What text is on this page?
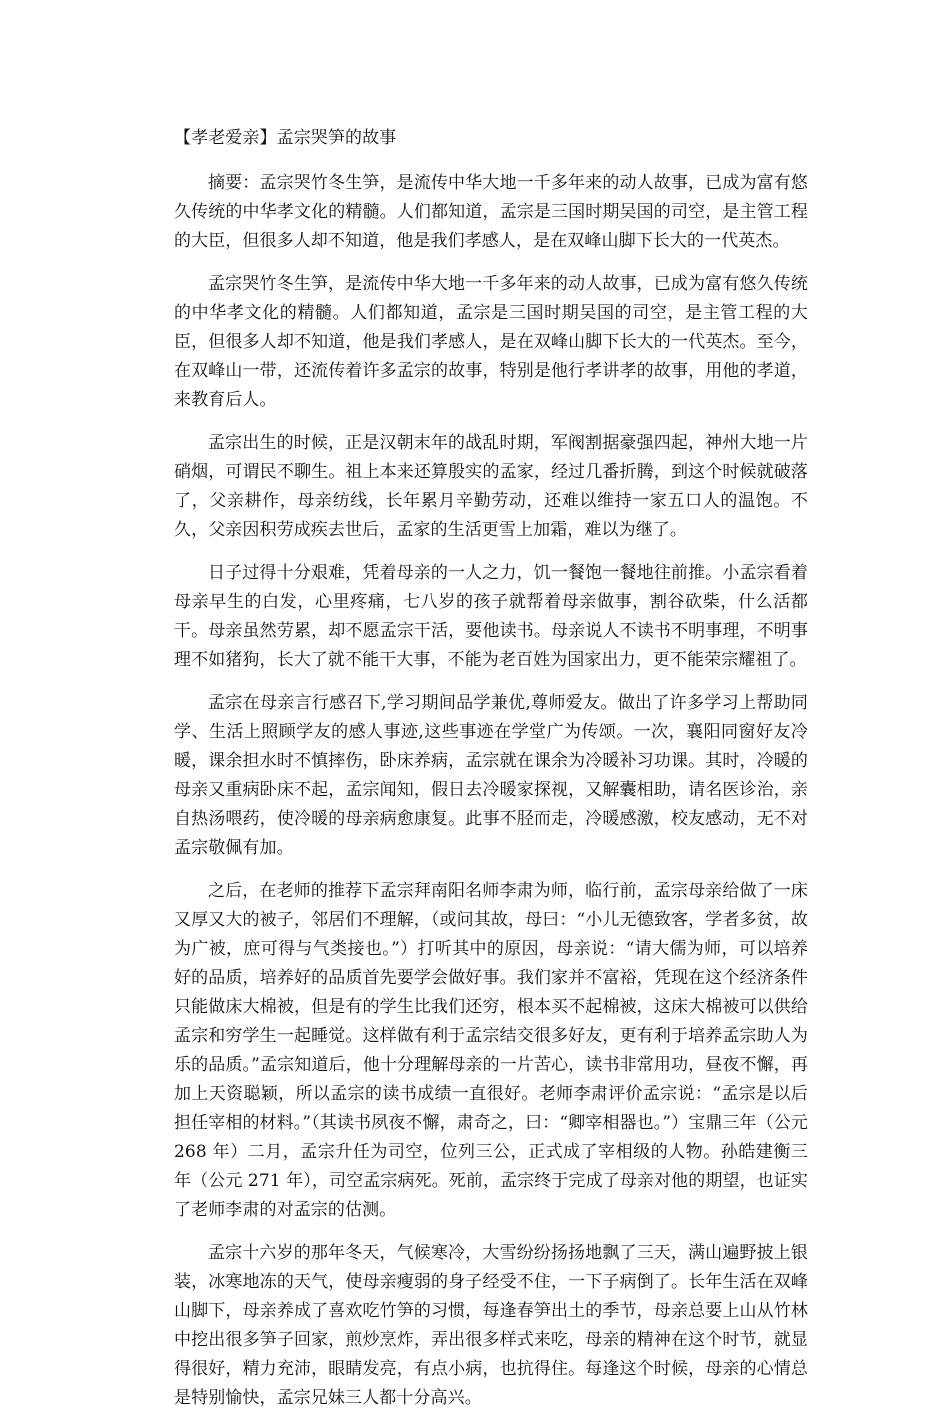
【孝老爱亲】孟宗哭笋的故事

摘要：孟宗哭竹冬生笋，是流传中华大地一千多年来的动人故事，已成为富有悠久传统的中华孝文化的精髓。人们都知道，孟宗是三国时期吴国的司空，是主管工程的大臣，但很多人却不知道，他是我们孝感人，是在双峰山脚下长大的一代英杰。

孟宗哭竹冬生笋，是流传中华大地一千多年来的动人故事，已成为富有悠久传统的中华孝文化的精髓。人们都知道，孟宗是三国时期吴国的司空，是主管工程的大臣，但很多人却不知道，他是我们孝感人，是在双峰山脚下长大的一代英杰。至今，在双峰山一带，还流传着许多孟宗的故事，特别是他行孝讲孝的故事，用他的孝道，来教育后人。

孟宗出生的时候，正是汉朝末年的战乱时期，军阀割据豪强四起，神州大地一片硝烟，可谓民不聊生。祖上本来还算殷实的孟家，经过几番折腾，到这个时候就破落了，父亲耕作，母亲纺线，长年累月辛勤劳动，还难以维持一家五口人的温饱。不久，父亲因积劳成疾去世后，孟家的生活更雪上加霜，难以为继了。

日子过得十分艰难，凭着母亲的一人之力，饥一餐饱一餐地往前推。小孟宗看着母亲早生的白发，心里疼痛，七八岁的孩子就帮着母亲做事，割谷砍柴，什么活都干。母亲虽然劳累，却不愿孟宗干活，要他读书。母亲说人不读书不明事理，不明事理不如猪狗，长大了就不能干大事，不能为老百姓为国家出力，更不能荣宗耀祖了。

孟宗在母亲言行感召下,学习期间品学兼优,尊师爱友。做出了许多学习上帮助同学、生活上照顾学友的感人事迹,这些事迹在学堂广为传颂。一次，襄阳同窗好友冷暖，课余担水时不慎摔伤，卧床养病，孟宗就在课余为冷暖补习功课。其时，冷暖的母亲又重病卧床不起，孟宗闻知，假日去冷暖家探视，又解囊相助，请名医诊治，亲自热汤喂药，使冷暖的母亲病愈康复。此事不胫而走，冷暖感激，校友感动，无不对孟宗敬佩有加。

之后，在老师的推荐下孟宗拜南阳名师李肃为师，临行前，孟宗母亲给做了一床又厚又大的被子，邻居们不理解，（或问其故，母曰：“小儿无德致客，学者多贫，故为广被，庶可得与气类接也。”）打听其中的原因，母亲说：“请大儒为师，可以培养好的品质，培养好的品质首先要学会做好事。我们家并不富裕，凭现在这个经济条件只能做床大棉被，但是有的学生比我们还穷，根本买不起棉被，这床大棉被可以供给孟宗和穷学生一起睡觉。这样做有利于孟宗结交很多好友，更有利于培养孟宗助人为乐的品质。”孟宗知道后，他十分理解母亲的一片苦心，读书非常用功，昼夜不懈，再加上天资聪颖，所以孟宗的读书成绩一直很好。老师李肃评价孟宗说：“孟宗是以后担任宰相的材料。”（其读书夙夜不懈，肃奇之，曰：“卿宰相器也。”）宝鼎三年（公元 268 年）二月，孟宗升任为司空，位列三公，正式成了宰相级的人物。孙皓建衡三年（公元 271 年），司空孟宗病死。死前，孟宗终于完成了母亲对他的期望，也证实了老师李肃的对孟宗的估测。

孟宗十六岁的那年冬天，气候寒冷，大雪纷纷扬扬地飘了三天，满山遍野披上银装，冰寒地冻的天气，使母亲瘦弱的身子经受不住，一下子病倒了。长年生活在双峰山脚下，母亲养成了喜欢吃竹笋的习惯，每逢春笋出土的季节，母亲总要上山从竹林中挖出很多笋子回家，煎炒烹炸，弄出很多样式来吃，母亲的精神在这个时节，就显得很好，精力充沛，眼睛发亮，有点小病，也抗得住。每逢这个时候，母亲的心情总是特别愉快，孟宗兄妹三人都十分高兴。
